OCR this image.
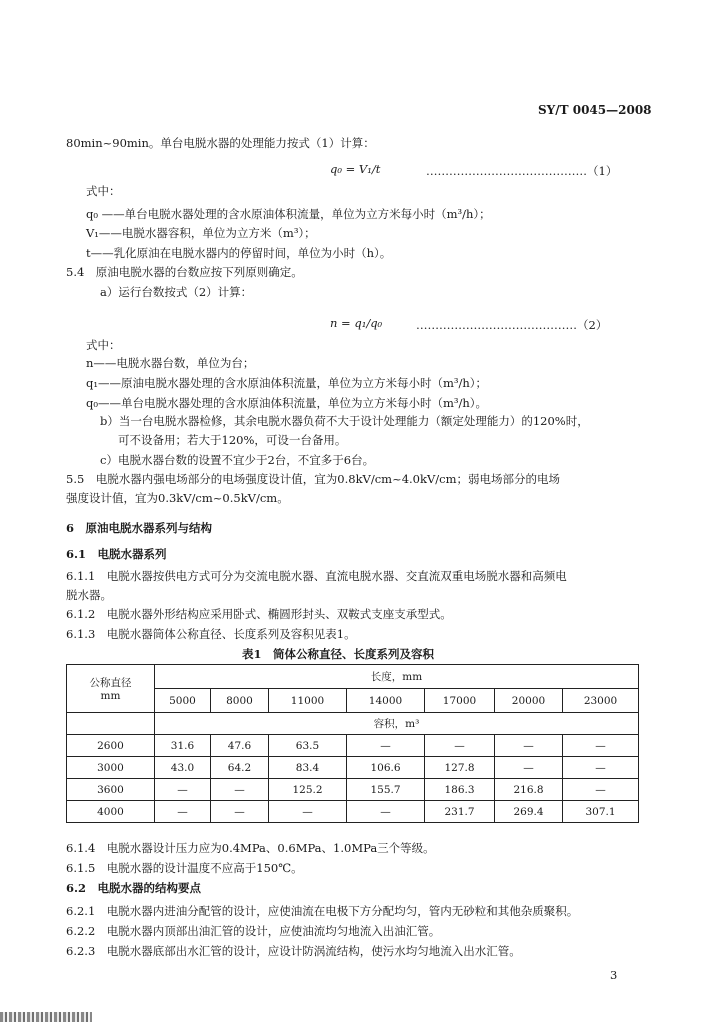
SY/T 0045—2008
80min~90min。单台电脱水器的处理能力按式（1）计算：
q₀ = V₁/t	……………………………………（1）
式中：
q₀ ——单台电脱水器处理的含水原油体积流量，单位为立方米每小时（m³/h）；
V₁——电脱水器容积，单位为立方米（m³）；
t——乳化原油在电脱水器内的停留时间，单位为小时（h）。
5.4　原油电脱水器的台数应按下列原则确定。
a）运行台数按式（2）计算：
n = q₁/q₀	……………………………………（2）
式中：
n——电脱水器台数，单位为台；
q₁——原油电脱水器处理的含水原油体积流量，单位为立方米每小时（m³/h）；
q₀——单台电脱水器处理的含水原油体积流量，单位为立方米每小时（m³/h）。
b）当一台电脱水器检修，其余电脱水器负荷不大于设计处理能力（额定处理能力）的120%时，
可不设备用；若大于120%，可设一台备用。
c）电脱水器台数的设置不宜少于2台，不宜多于6台。
5.5　电脱水器内强电场部分的电场强度设计值，宜为0.8kV/cm~4.0kV/cm；弱电场部分的电场
强度设计值，宜为0.3kV/cm~0.5kV/cm。
6　原油电脱水器系列与结构
6.1　电脱水器系列
6.1.1　电脱水器按供电方式可分为交流电脱水器、直流电脱水器、交直流双重电场脱水器和高频电
脱水器。
6.1.2　电脱水器外形结构应采用卧式、椭圆形封头、双鞍式支座支承型式。
6.1.3　电脱水器筒体公称直径、长度系列及容积见表1。
表1　筒体公称直径、长度系列及容积
公称直径
mm	长度，mm						
	5000	8000	11000	14000	17000	20000	23000
	容积，m³						
2600	31.6	47.6	63.5	—	—	—	—
3000	43.0	64.2	83.4	106.6	127.8	—	—
3600	—	—	125.2	155.7	186.3	216.8	—
4000	—	—	—	—	231.7	269.4	307.1
6.1.4　电脱水器设计压力应为0.4MPa、0.6MPa、1.0MPa三个等级。
6.1.5　电脱水器的设计温度不应高于150℃。
6.2　电脱水器的结构要点
6.2.1　电脱水器内进油分配管的设计，应使油流在电极下方分配均匀，管内无砂粒和其他杂质聚积。
6.2.2　电脱水器内顶部出油汇管的设计，应使油流均匀地流入出油汇管。
6.2.3　电脱水器底部出水汇管的设计，应设计防涡流结构，使污水均匀地流入出水汇管。
3
